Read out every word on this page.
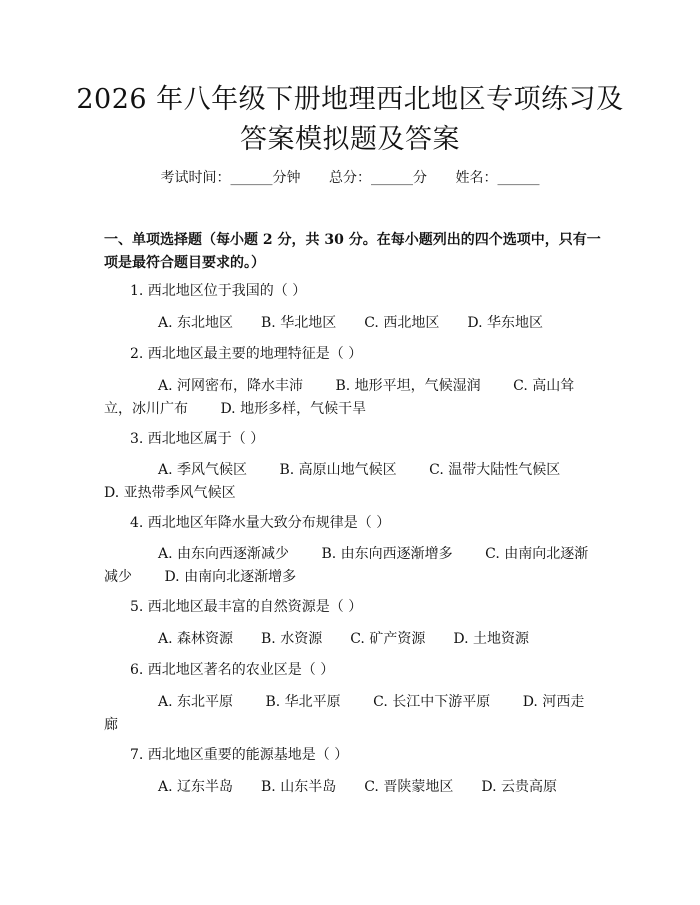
2026 年八年级下册地理西北地区专项练习及
答案模拟题及答案
考试时间：______分钟 总分：______分 姓名：______
一、单项选择题（每小题 2 分，共 30 分。在每小题列出的四个选项中，只有一项是最符合题目要求的。）
1. 西北地区位于我国的（ ）
A. 东北地区 B. 华北地区 C. 西北地区 D. 华东地区
2. 西北地区最主要的地理特征是（ ）
A. 河网密布，降水丰沛 B. 地形平坦，气候湿润 C. 高山耸立，冰川广布 D. 地形多样，气候干旱
3. 西北地区属于（ ）
A. 季风气候区 B. 高原山地气候区 C. 温带大陆性气候区 D. 亚热带季风气候区
4. 西北地区年降水量大致分布规律是（ ）
A. 由东向西逐渐减少 B. 由东向西逐渐增多 C. 由南向北逐渐减少 D. 由南向北逐渐增多
5. 西北地区最丰富的自然资源是（ ）
A. 森林资源 B. 水资源 C. 矿产资源 D. 土地资源
6. 西北地区著名的农业区是（ ）
A. 东北平原 B. 华北平原 C. 长江中下游平原 D. 河西走廊
7. 西北地区重要的能源基地是（ ）
A. 辽东半岛 B. 山东半岛 C. 晋陕蒙地区 D. 云贵高原
